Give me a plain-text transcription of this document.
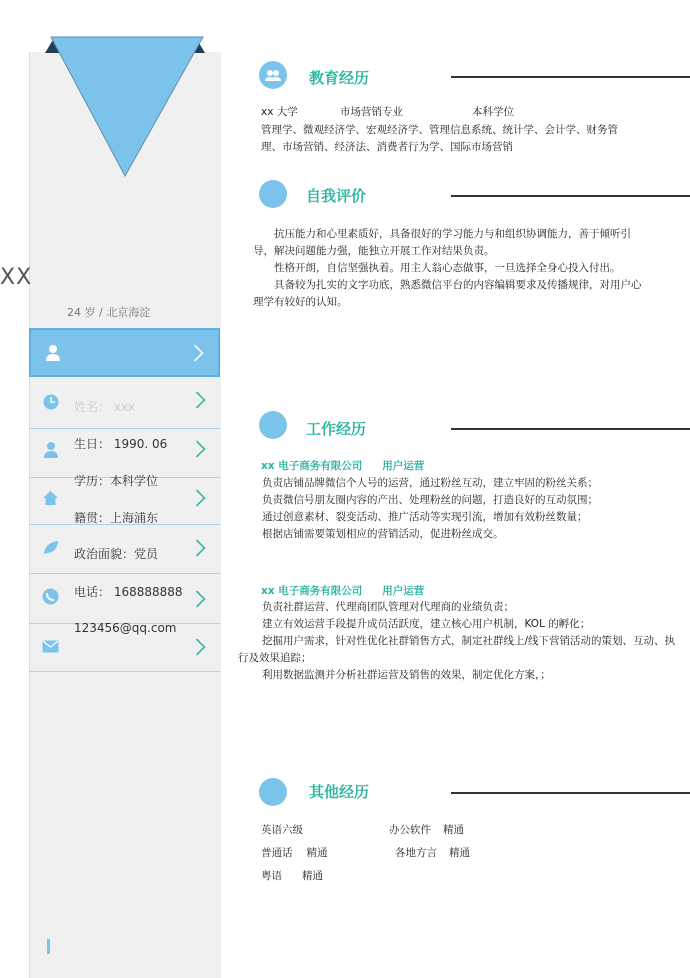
XX
24 岁 / 北京海淀
姓名： xxx
生日： 1990. 06
学历：本科学位
籍贯：上海浦东
政治面貌：党员
电话： 168888888
123456@qq.com
教育经历
xx 大学	市场营销专业	本科学位
管理学、微观经济学、宏观经济学、管理信息系统、统计学、会计学、财务管
理、市场营销、经济法、消费者行为学、国际市场营销
自我评价

抗压能力和心里素质好，具备很好的学习能力与和组织协调能力，善于倾听引导，解决问题能力强，能独立开展工作对结果负责。

性格开朗，自信坚强执着。用主人翁心态做事，一旦选择全身心投入付出。

具备较为扎实的文字功底，熟悉微信平台的内容编辑要求及传播规律，对用户心理学有较好的认知。

工作经历
xx 电子商务有限公司 用户运营

负责店铺品牌微信个人号的运营，通过粉丝互动，建立牢固的粉丝关系；

负责微信号朋友圈内容的产出、处理粉丝的问题，打造良好的互动氛围；

通过创意素材、裂变活动、推广活动等实现引流，增加有效粉丝数量；

根据店铺需要策划相应的营销活动，促进粉丝成交。

xx 电子商务有限公司 用户运营

负责社群运营、代理商团队管理对代理商的业绩负责；

建立有效运营手段提升成员活跃度，建立核心用户机制，KOL 的孵化；

挖掘用户需求，针对性优化社群销售方式，制定社群线上/线下营销活动的策划、互动、执行及效果追踪；

利用数据监测并分析社群运营及销售的效果，制定优化方案，；

其他经历
英语六级	办公软件 精通
普通话 精通	各地方言 精通
粤语 精通
